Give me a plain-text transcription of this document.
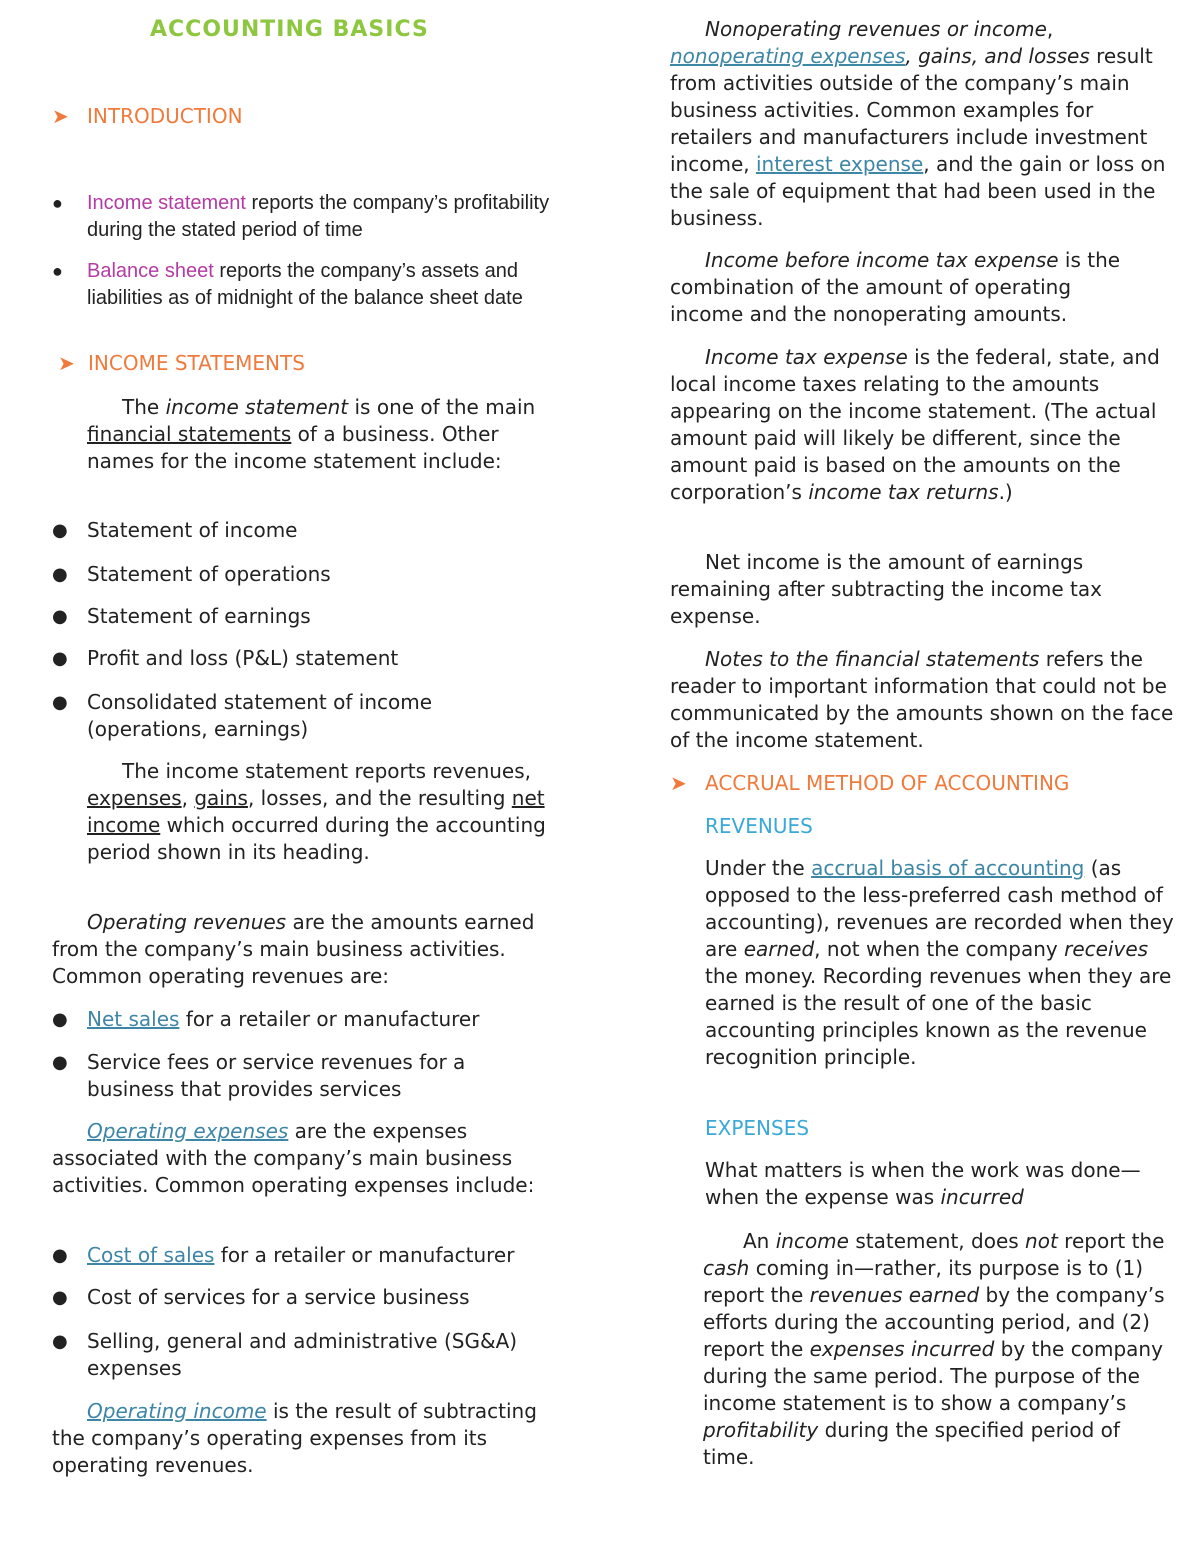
ACCOUNTING BASICS
➤ INTRODUCTION
●	Income statement reports the company’s profitability during the stated period of time
●	Balance sheet reports the company’s assets and liabilities as of midnight of the balance sheet date
➤ INCOME STATEMENTS

The income statement is one of the main financial statements of a business. Other names for the income statement include:

● Statement of income
● Statement of operations
● Statement of earnings
● Profit and loss (P&L) statement
● Consolidated statement of income (operations, earnings)

The income statement reports revenues, expenses, gains, losses, and the resulting net income which occurred during the accounting period shown in its heading.

Operating revenues are the amounts earned from the company’s main business activities. Common operating revenues are:

● Net sales for a retailer or manufacturer
● Service fees or service revenues for a business that provides services

Operating expenses are the expenses associated with the company’s main business activities. Common operating expenses include:

● Cost of sales for a retailer or manufacturer
● Cost of services for a service business
● Selling, general and administrative (SG&A) expenses

Operating income is the result of subtracting the company’s operating expenses from its operating revenues.

Nonoperating revenues or income, nonoperating expenses, gains, and losses result from activities outside of the company’s main business activities. Common examples for retailers and manufacturers include investment income, interest expense, and the gain or loss on the sale of equipment that had been used in the business.

Income before income tax expense is the combination of the amount of operating income and the nonoperating amounts.

Income tax expense is the federal, state, and local income taxes relating to the amounts appearing on the income statement. (The actual amount paid will likely be different, since the amount paid is based on the amounts on the corporation’s income tax returns.)

Net income is the amount of earnings remaining after subtracting the income tax expense.

Notes to the financial statements refers the reader to important information that could not be communicated by the amounts shown on the face of the income statement.

➤ ACCRUAL METHOD OF ACCOUNTING
REVENUES

Under the accrual basis of accounting (as opposed to the less-preferred cash method of accounting), revenues are recorded when they are earned, not when the company receives the money. Recording revenues when they are earned is the result of one of the basic accounting principles known as the revenue recognition principle.

EXPENSES

What matters is when the work was done—when the expense was incurred

An income statement, does not report the cash coming in—rather, its purpose is to (1) report the revenues earned by the company’s efforts during the accounting period, and (2) report the expenses incurred by the company during the same period. The purpose of the income statement is to show a company’s profitability during the specified period of time.
